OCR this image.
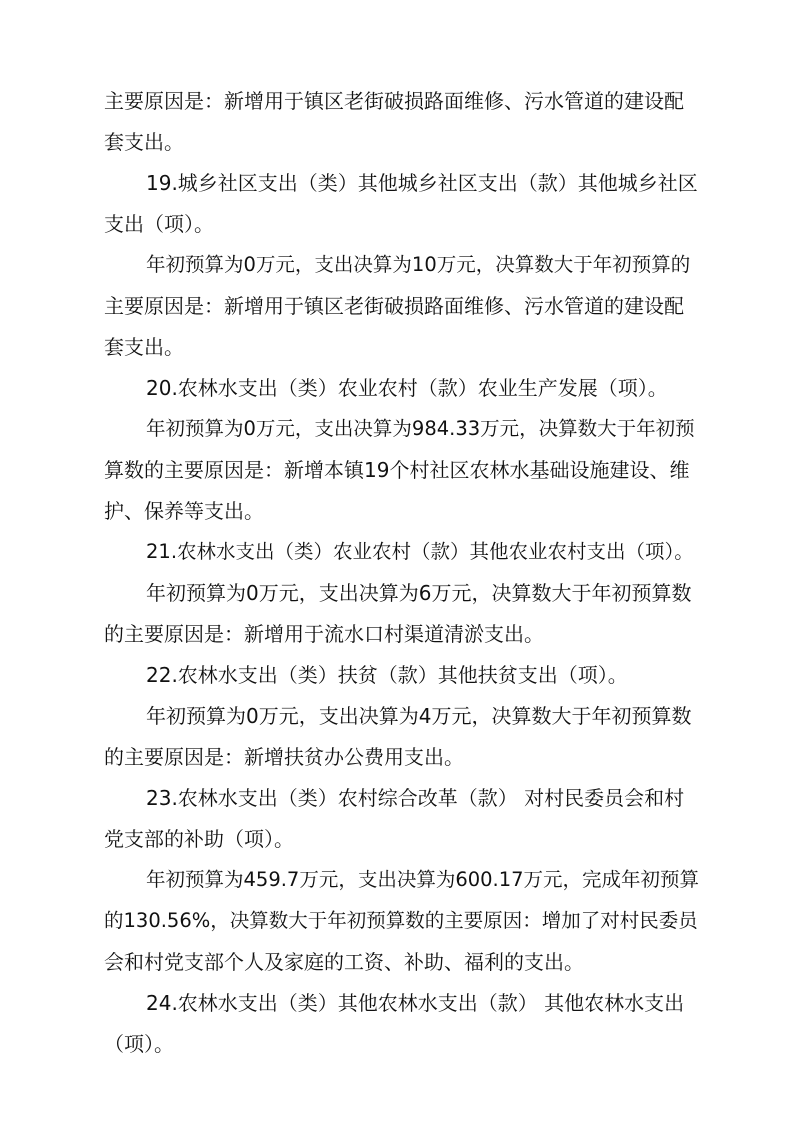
主要原因是：新增用于镇区老街破损路面维修、污水管道的建设配
套支出。
19.城乡社区支出（类）其他城乡社区支出（款）其他城乡社区
支出（项）。
年初预算为0万元，支出决算为10万元，决算数大于年初预算的
主要原因是：新增用于镇区老街破损路面维修、污水管道的建设配
套支出。
20.农林水支出（类）农业农村（款）农业生产发展（项）。
年初预算为0万元，支出决算为984.33万元，决算数大于年初预
算数的主要原因是：新增本镇19个村社区农林水基础设施建设、维
护、保养等支出。
21.农林水支出（类）农业农村（款）其他农业农村支出（项）。
年初预算为0万元，支出决算为6万元，决算数大于年初预算数
的主要原因是：新增用于流水口村渠道清淤支出。
22.农林水支出（类）扶贫（款）其他扶贫支出（项）。
年初预算为0万元，支出决算为4万元，决算数大于年初预算数
的主要原因是：新增扶贫办公费用支出。
23.农林水支出（类）农村综合改革（款） 对村民委员会和村
党支部的补助（项）。
年初预算为459.7万元，支出决算为600.17万元，完成年初预算
的130.56%，决算数大于年初预算数的主要原因：增加了对村民委员
会和村党支部个人及家庭的工资、补助、福利的支出。
24.农林水支出（类）其他农林水支出（款） 其他农林水支出
（项）。
